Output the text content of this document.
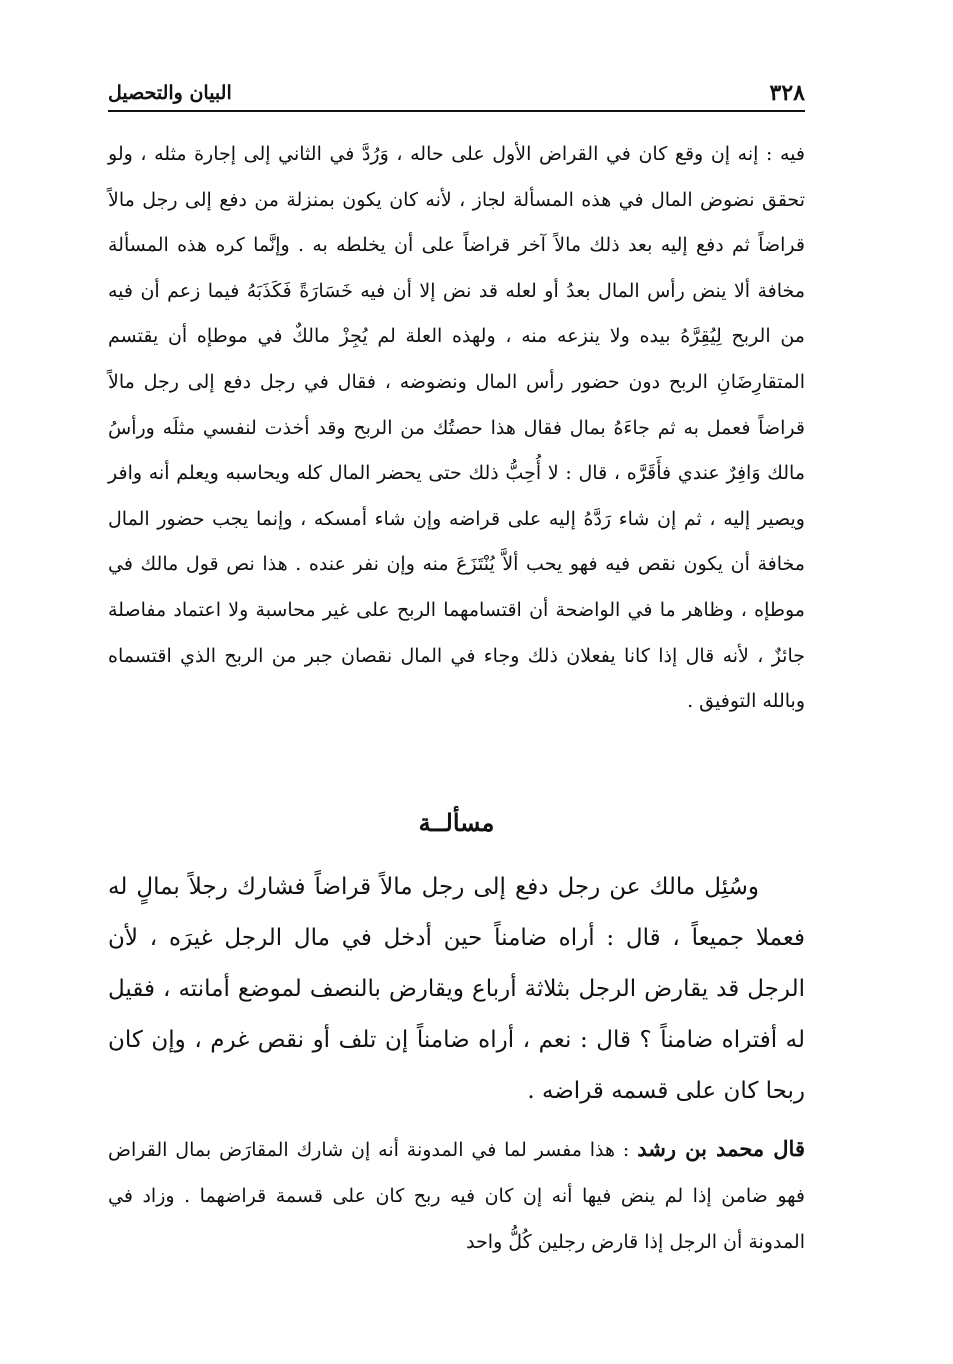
٣٢٨
البيان والتحصيل

فيه : إنه إن وقع كان في القراض الأول على حاله ، وَرُدَّ في الثاني إلى إجارة مثله ، ولو تحقق نضوض المال في هذه المسألة لجاز ، لأنه كان يكون بمنزلة من دفع إلى رجل مالاً قراضاً ثم دفع إليه بعد ذلك مالاً آخر قراضاً على أن يخلطه به . وإنَّما كره هذه المسألة مخافة ألا ينض رأس المال بعدُ أو لعله قد نض إلا أن فيه خَسَارَةً فَكَذَبَهُ فيما زعم أن فيه من الربح لِيُقِرَّهُ بيده ولا ينزعه منه ، ولهذه العلة لم يُجِزْ مالكٌ في موطإه أن يقتسم المتقارِضَانِ الربح دون حضور رأس المال ونضوضه ، فقال في رجل دفع إلى رجل مالاً قراضاً فعمل به ثم جاءَهُ بمال فقال هذا حصتُك من الربح وقد أخذت لنفسي مثلَه ورأسُ مالك وَافِرٌ عندي فأَقَرَّه ، قال : لا أُحِبُّ ذلك حتى يحضر المال كله ويحاسبه ويعلم أنه وافر ويصير إليه ، ثم إن شاء رَدَّهُ إليه على قراضه وإن شاء أمسكه ، وإنما يجب حضور المال مخافة أن يكون نقص فيه فهو يحب ألاَّ يُنْتَزَعَ منه وإن نفر عنده . هذا نص قول مالك في موطإه ، وظاهر ما في الواضحة أن اقتسامهما الربح على غير محاسبة ولا اعتماد مفاصلة جائزٌ ، لأنه قال إذا كانا يفعلان ذلك وجاء في المال نقصان جبر من الربح الذي اقتسماه وبالله التوفيق .

مسألــة

وسُئِل مالك عن رجل دفع إلى رجل مالاً قراضاً فشارك رجلاً بمالٍ له فعملا جميعاً ، قال : أراه ضامناً حين أدخل في مال الرجل غيرَه ، لأن الرجل قد يقارض الرجل بثلاثة أرباع ويقارض بالنصف لموضع أمانته ، فقيل له أفتراه ضامناً ؟ قال : نعم ، أراه ضامناً إن تلف أو نقص غرم ، وإن كان ربحا كان على قسمه قراضه .

قال محمد بن رشد : هذا مفسر لما في المدونة أنه إن شارك المقارَض بمال القراض فهو ضامن إذا لم ينض فيها أنه إن كان فيه ربح كان على قسمة قراضهما . وزاد في المدونة أن الرجل إذا قارض رجلين كُلُّ واحد
